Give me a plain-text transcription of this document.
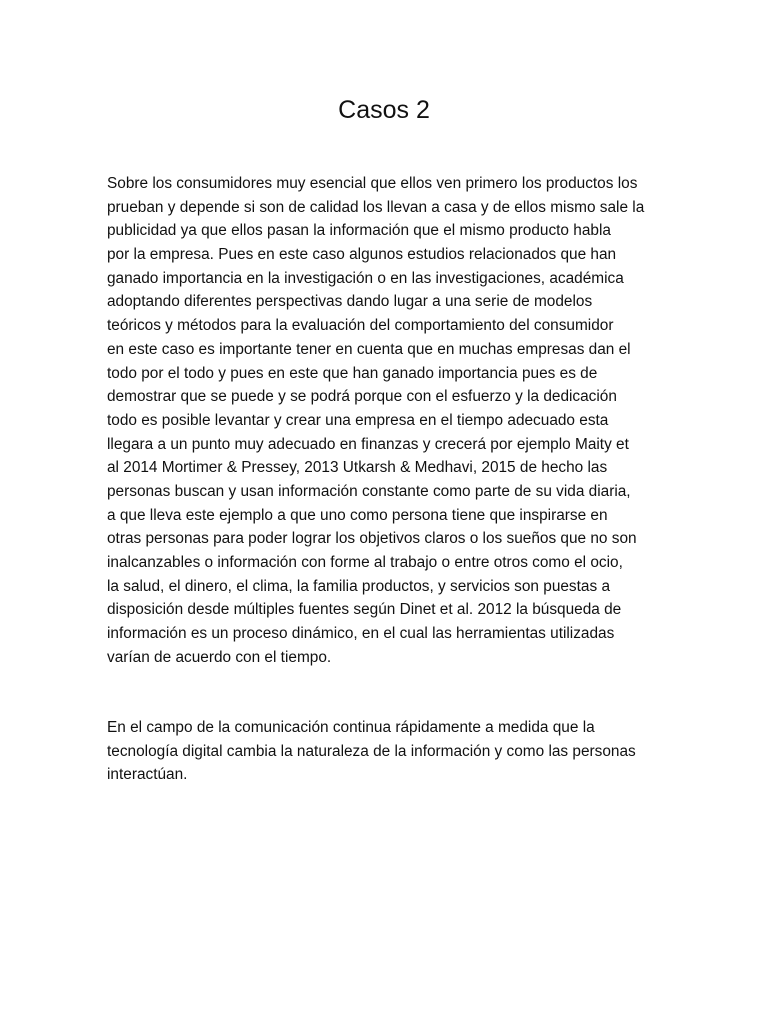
Casos 2

Sobre los consumidores muy esencial que ellos ven primero los productos los
prueban y depende si son de calidad los llevan a casa y de ellos mismo sale la
publicidad ya que ellos pasan la información que el mismo producto habla
por la empresa. Pues en este caso algunos estudios relacionados que han
ganado importancia en la investigación o en las investigaciones, académica
adoptando diferentes perspectivas dando lugar a una serie de modelos
teóricos y métodos para la evaluación del comportamiento del consumidor
en este caso es importante tener en cuenta que en muchas empresas dan el
todo por el todo y pues en este que han ganado importancia pues es de
demostrar que se puede y se podrá porque con el esfuerzo y la dedicación
todo es posible levantar y crear una empresa en el tiempo adecuado esta
llegara a un punto muy adecuado en finanzas y crecerá por ejemplo Maity et
al 2014 Mortimer & Pressey, 2013 Utkarsh & Medhavi, 2015 de hecho las
personas buscan y usan información constante como parte de su vida diaria,
a que lleva este ejemplo a que uno como persona tiene que inspirarse en
otras personas para poder lograr los objetivos claros o los sueños que no son
inalcanzables o información con forme al trabajo o entre otros como el ocio,
la salud, el dinero, el clima, la familia productos, y servicios son puestas a
disposición desde múltiples fuentes según Dinet et al. 2012 la búsqueda de
información es un proceso dinámico, en el cual las herramientas utilizadas
varían de acuerdo con el tiempo.

En el campo de la comunicación continua rápidamente a medida que la
tecnología digital cambia la naturaleza de la información y como las personas
interactúan.
